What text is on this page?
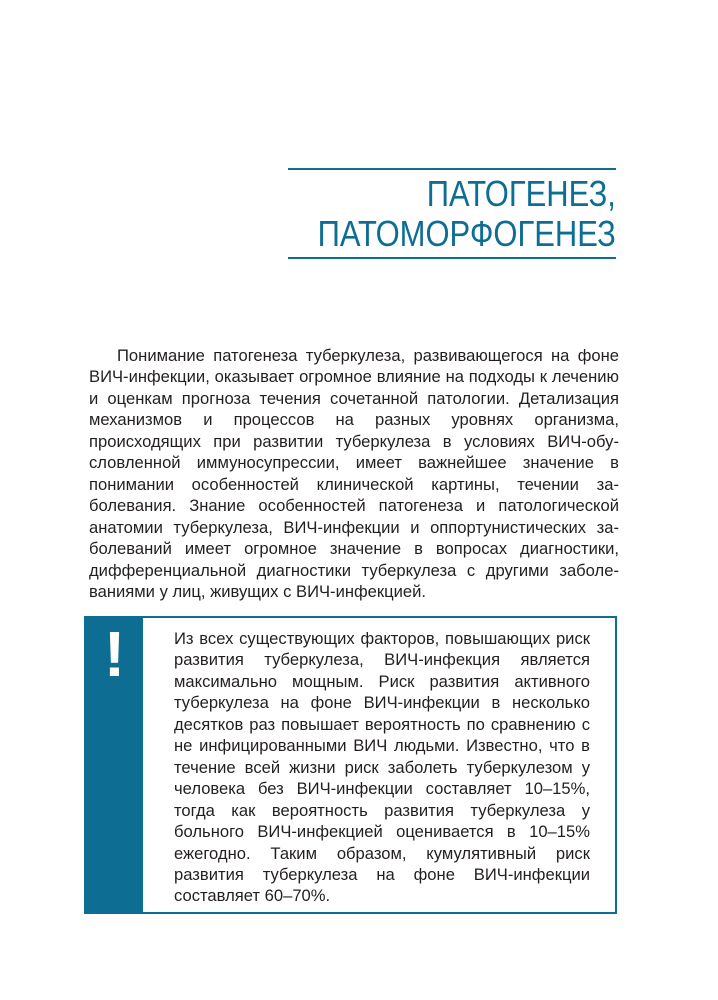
ПАТОГЕНЕЗ,
ПАТОМОРФОГЕНЕЗ

Понимание патогенеза туберкулеза, развивающегося на фоне ВИЧ-инфекции, оказывает огромное влияние на подходы к лечению и оценкам прогноза течения сочетанной патологии. Детализация механизмов и процессов на разных уровнях организма, происходящих при развитии туберкулеза в условиях ВИЧ-обусловленной иммуносупрессии, имеет важнейшее значение в понимании особенностей клинической картины, течении заболевания. Знание особенностей патогенеза и патологической анатомии туберкулеза, ВИЧ-инфекции и оппортунистических заболеваний имеет огромное значение в вопросах диагностики, дифференциальной диагностики туберкулеза с другими заболеваниями у лиц, живущих с ВИЧ-инфекцией.

!	Из всех существующих факторов, повышающих риск развития туберкулеза, ВИЧ-инфекция является максимально мощным. Риск развития активного туберкулеза на фоне ВИЧ-инфекции в несколько десятков раз повышает вероятность по сравнению с не инфицированными ВИЧ людьми. Известно, что в течение всей жизни риск заболеть туберкулезом у человека без ВИЧ-инфекции составляет 10–15%, тогда как вероятность развития туберкулеза у больного ВИЧ-инфекцией оценивается в 10–15% ежегодно. Таким образом, кумулятивный риск развития туберкулеза на фоне ВИЧ-инфекции составляет 60–70%.
